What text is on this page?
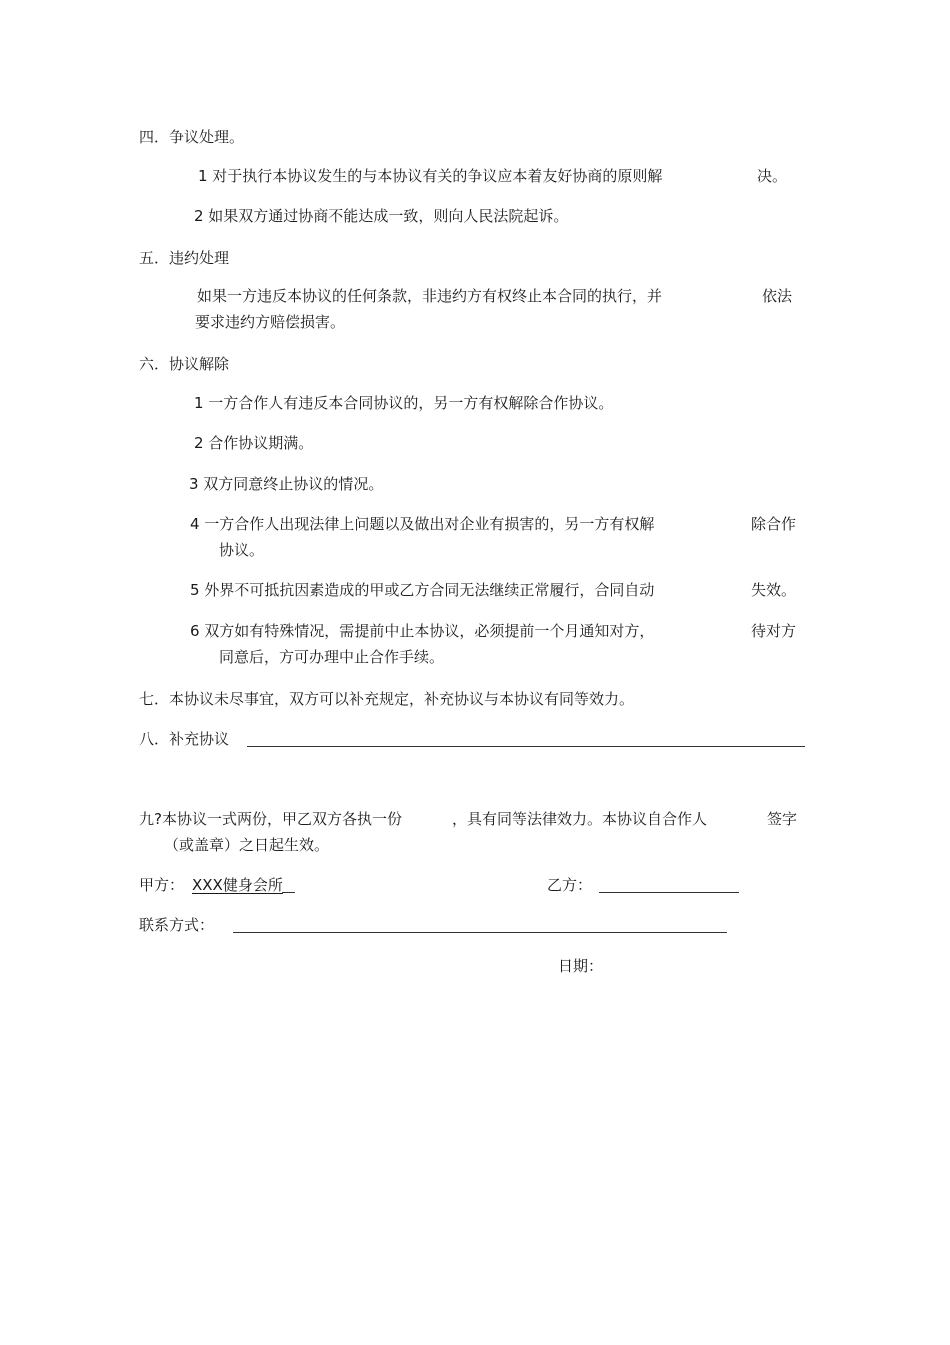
四．争议处理。
1 对于执行本协议发生的与本协议有关的争议应本着友好协商的原则解	决。
2 如果双方通过协商不能达成一致，则向人民法院起诉。
五．违约处理
如果一方违反本协议的任何条款，非违约方有权终止本合同的执行，并	依法
要求违约方赔偿损害。
六．协议解除
1 一方合作人有违反本合同协议的，另一方有权解除合作协议。
2 合作协议期满。
3 双方同意终止协议的情况。
4 一方合作人出现法律上问题以及做出对企业有损害的，另一方有权解	除合作
协议。
5 外界不可抵抗因素造成的甲或乙方合同无法继续正常履行，合同自动	失效。
6 双方如有特殊情况，需提前中止本协议，必须提前一个月通知对方，	待对方
同意后，方可办理中止合作手续。
七．本协议未尽事宜，双方可以补充规定，补充协议与本协议有同等效力。
八．补充协议
九?本协议一式两份，甲乙双方各执一份	，具有同等法律效力。本协议自合作人	签字
（或盖章）之日起生效。
甲方： XXX健身会所	乙方：
联系方式：
日期：
